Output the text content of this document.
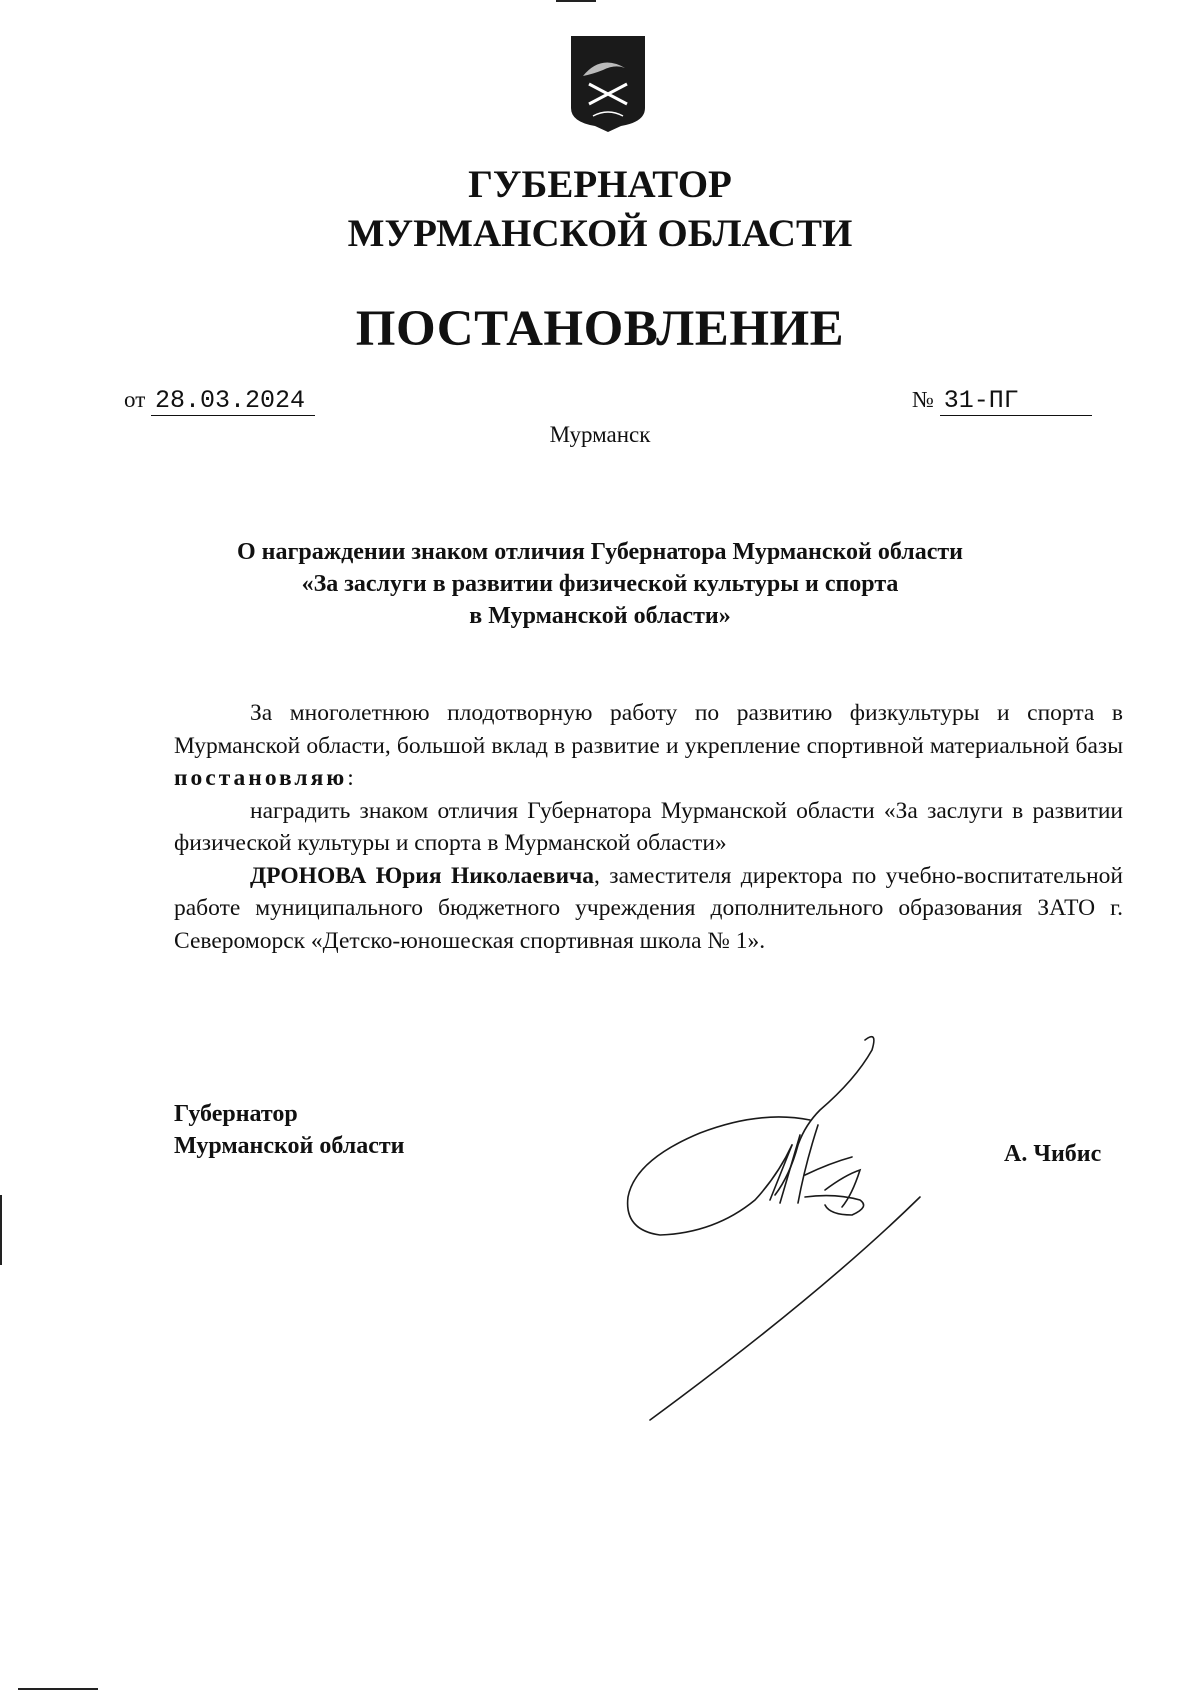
ГУБЕРНАТОР
МУРМАНСКОЙ ОБЛАСТИ
ПОСТАНОВЛЕНИЕ
от 28.03.2024	№ 31-ПГ
Мурманск
О награждении знаком отличия Губернатора Мурманской области
«За заслуги в развитии физической культуры и спорта
в Мурманской области»

За многолетнюю плодотворную работу по развитию физкультуры и спорта в Мурманской области, большой вклад в развитие и укрепление спортивной материальной базы постановляю:

наградить знаком отличия Губернатора Мурманской области «За заслуги в развитии физической культуры и спорта в Мурманской области»

ДРОНОВА Юрия Николаевича, заместителя директора по учебно-воспитательной работе муниципального бюджетного учреждения дополнительного образования ЗАТО г. Североморск «Детско-юношеская спортивная школа № 1».

Губернатор
Мурманской области	А. Чибис
